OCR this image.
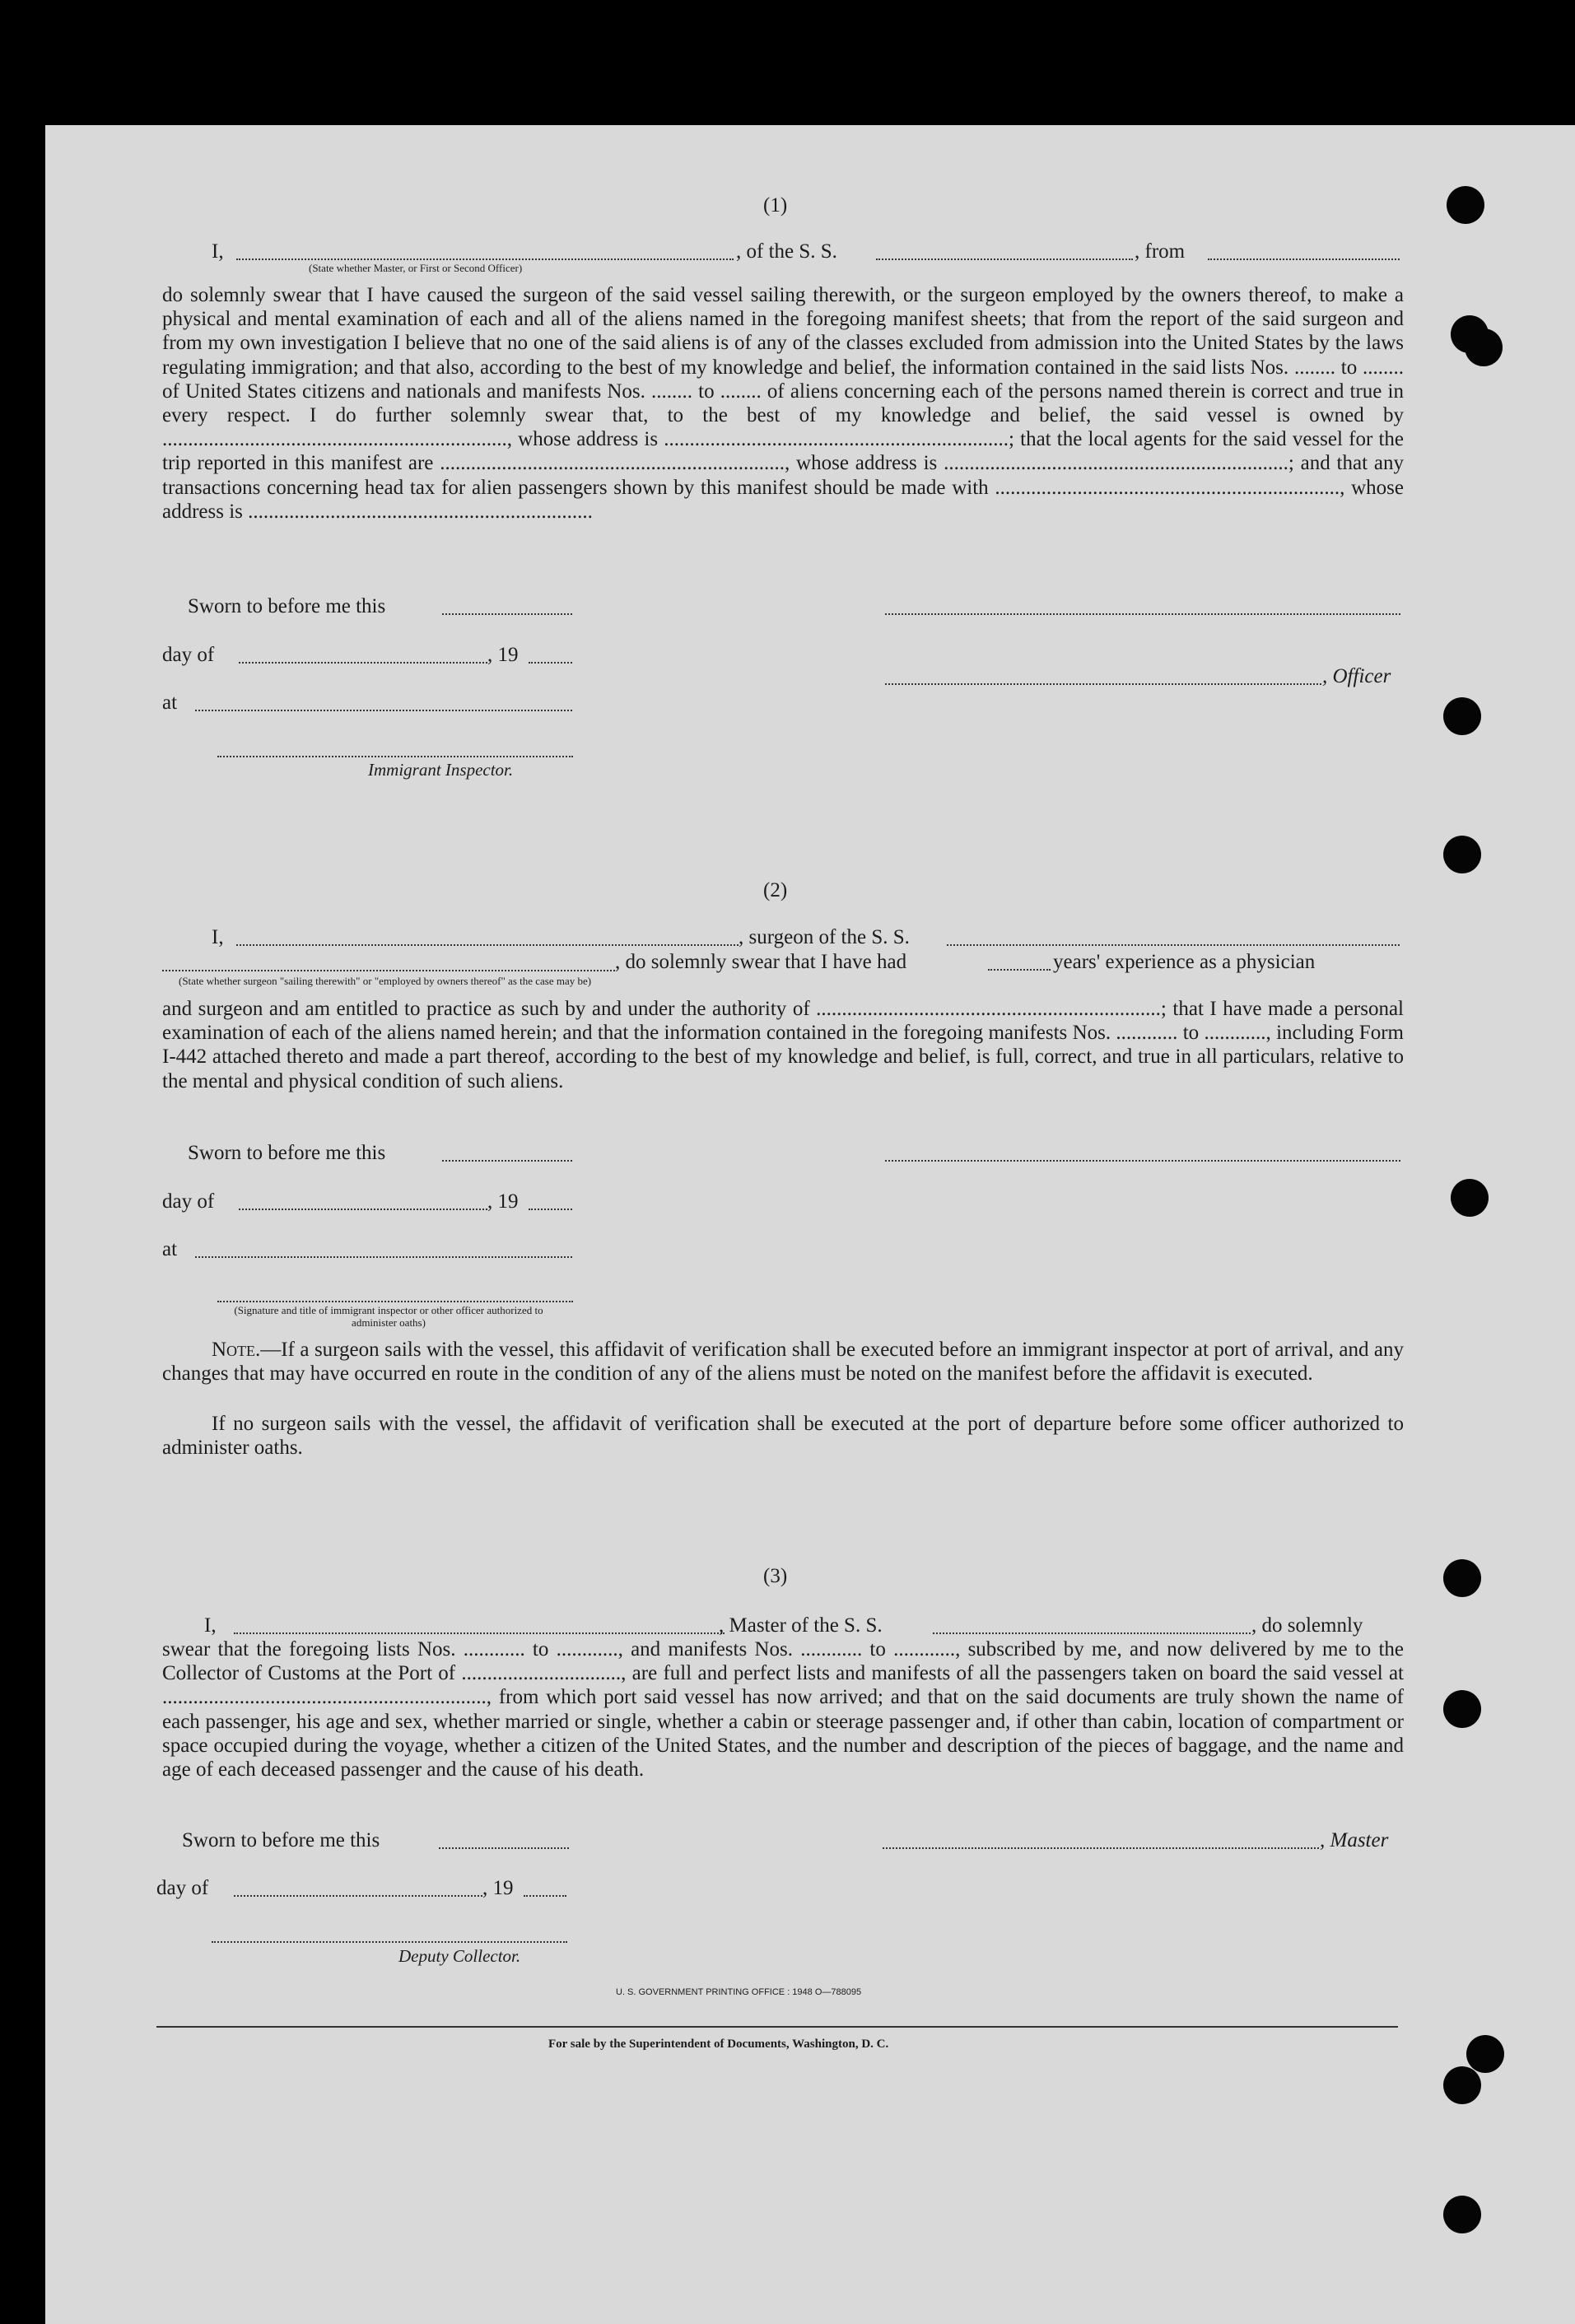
(1)
I,	, of the S. S.	, from
(State whether Master, or First or Second Officer)
do solemnly swear that I have caused the surgeon of the said vessel sailing therewith, or the surgeon employed by the owners thereof, to make a physical and mental examination of each and all of the aliens named in the foregoing manifest sheets; that from the report of the said surgeon and from my own investigation I believe that no one of the said aliens is of any of the classes excluded from admission into the United States by the laws regulating immigration; and that also, according to the best of my knowledge and belief, the information contained in the said lists Nos. ........ to ........ of United States citizens and nationals and manifests Nos. ........ to ........ of aliens concerning each of the persons named therein is correct and true in every respect. I do further solemnly swear that, to the best of my knowledge and belief, the said vessel is owned by ..................................................................., whose address is ...................................................................; that the local agents for the said vessel for the trip reported in this manifest are ..................................................................., whose address is ...................................................................; and that any transactions concerning head tax for alien passengers shown by this manifest should be made with ..................................................................., whose address is ...................................................................
Sworn to before me this
day of	, 19
, Officer
at
Immigrant Inspector.
(2)
I,	, surgeon of the S. S.
, do solemnly swear that I have had	years' experience as a physician
(State whether surgeon "sailing therewith" or "employed by owners thereof" as the case may be)
and surgeon and am entitled to practice as such by and under the authority of ...................................................................; that I have made a personal examination of each of the aliens named herein; and that the information contained in the foregoing manifests Nos. ............ to ............, including Form I-442 attached thereto and made a part thereof, according to the best of my knowledge and belief, is full, correct, and true in all particulars, relative to the mental and physical condition of such aliens.
Sworn to before me this
day of	, 19
at
(Signature and title of immigrant inspector or other officer authorized to administer oaths)
Note.—If a surgeon sails with the vessel, this affidavit of verification shall be executed before an immigrant inspector at port of arrival, and any changes that may have occurred en route in the condition of any of the aliens must be noted on the manifest before the affidavit is executed.
If no surgeon sails with the vessel, the affidavit of verification shall be executed at the port of departure before some officer authorized to administer oaths.
(3)
I,	, Master of the S. S.	, do solemnly
swear that the foregoing lists Nos. ............ to ............, and manifests Nos. ............ to ............, subscribed by me, and now delivered by me to the Collector of Customs at the Port of ..............................., are full and perfect lists and manifests of all the passengers taken on board the said vessel at ..............................................................., from which port said vessel has now arrived; and that on the said documents are truly shown the name of each passenger, his age and sex, whether married or single, whether a cabin or steerage passenger and, if other than cabin, location of compartment or space occupied during the voyage, whether a citizen of the United States, and the number and description of the pieces of baggage, and the name and age of each deceased passenger and the cause of his death.
Sworn to before me this	, Master
day of	, 19
Deputy Collector.
U. S. GOVERNMENT PRINTING OFFICE : 1948 O—788095
For sale by the Superintendent of Documents, Washington, D. C.
